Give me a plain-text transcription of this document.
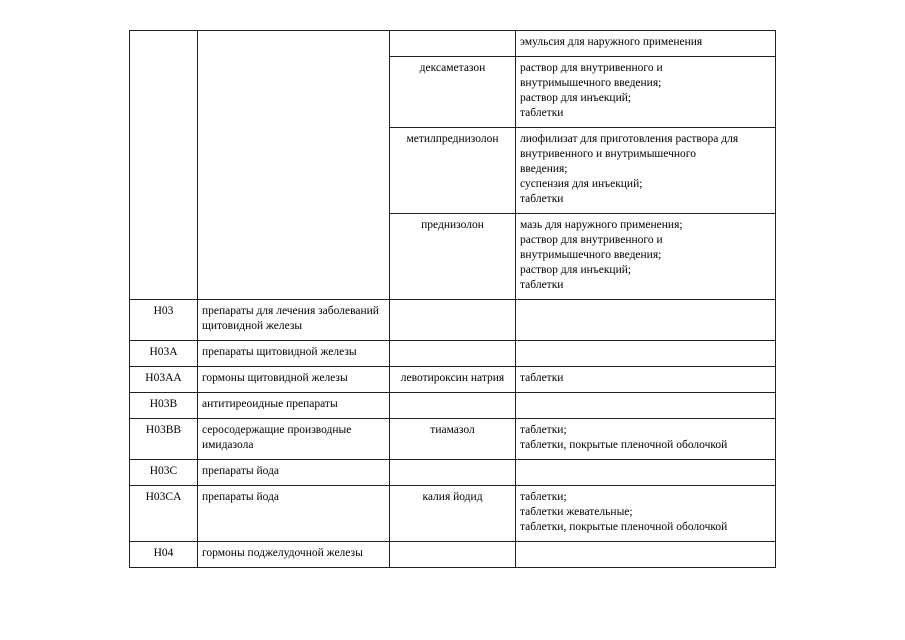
			эмульсия для наружного применения

		дексаметазон	раствор для внутривенного и
внутримышечного введения;
раствор для инъекций;
таблетки

		метилпреднизолон	лиофилизат для приготовления раствора для
внутривенного и внутримышечного
введения;
суспензия для инъекций;
таблетки

		преднизолон	мазь для наружного применения;
раствор для внутривенного и
внутримышечного введения;
раствор для инъекций;
таблетки

H03	препараты для лечения заболеваний щитовидной железы		
H03A	препараты щитовидной железы		
H03AA	гормоны щитовидной железы	левотироксин натрия	таблетки

H03B	антитиреоидные препараты		
H03BB	серосодержащие производные имидазола	тиамазол	таблетки;
таблетки, покрытые пленочной оболочкой

H03C	препараты йода		
H03CA	препараты йода	калия йодид	таблетки;
таблетки жевательные;
таблетки, покрытые пленочной оболочкой

H04	гормоны поджелудочной железы		
